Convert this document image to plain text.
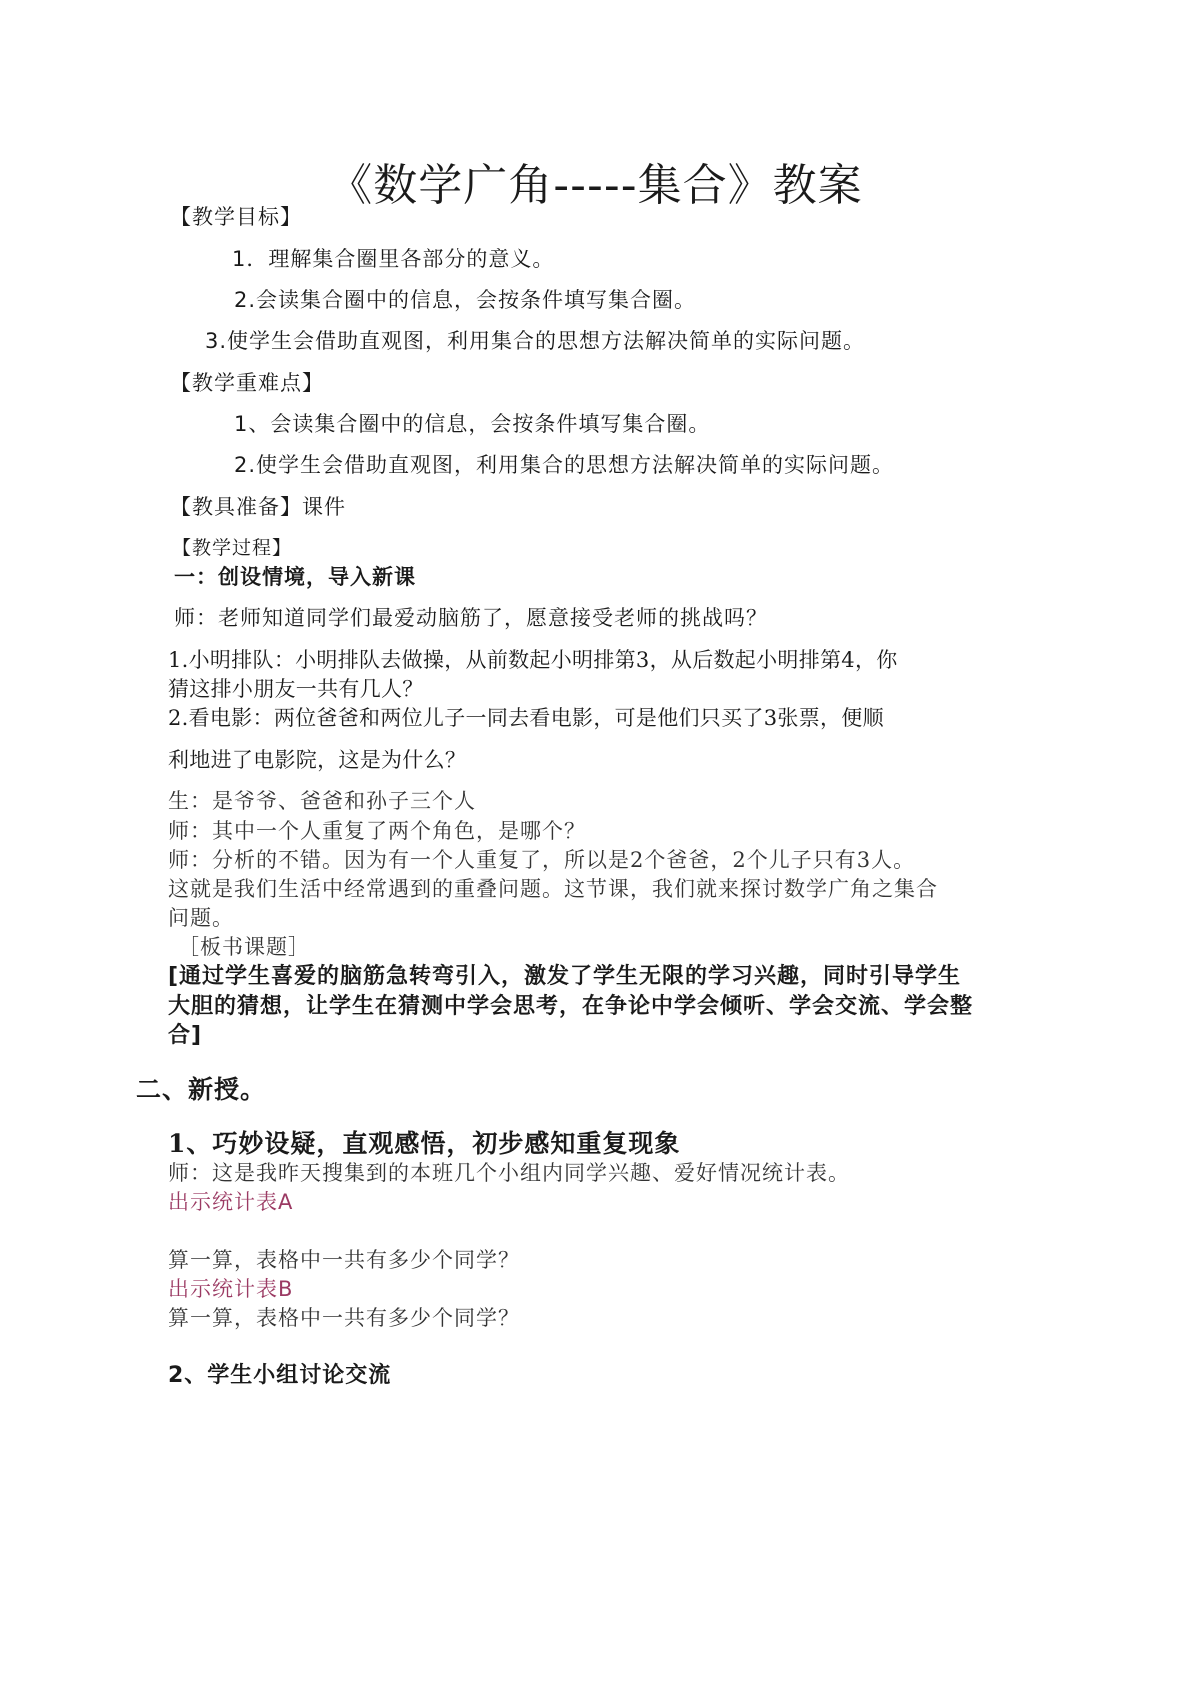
《数学广角-----集合》教案
【教学目标】
1．理解集合圈里各部分的意义。
2.会读集合圈中的信息，会按条件填写集合圈。
3.使学生会借助直观图，利用集合的思想方法解决简单的实际问题。
【教学重难点】
1、会读集合圈中的信息，会按条件填写集合圈。
2.使学生会借助直观图，利用集合的思想方法解决简单的实际问题。
【教具准备】课件
【教学过程】
一：创设情境，导入新课
师：老师知道同学们最爱动脑筋了，愿意接受老师的挑战吗？
1.小明排队：小明排队去做操，从前数起小明排第3，从后数起小明排第4，你
猜这排小朋友一共有几人？
2.看电影：两位爸爸和两位儿子一同去看电影，可是他们只买了3张票，便顺
利地进了电影院，这是为什么？
生：是爷爷、爸爸和孙子三个人
师：其中一个人重复了两个角色，是哪个？
师：分析的不错。因为有一个人重复了，所以是2个爸爸，2个儿子只有3人。
这就是我们生活中经常遇到的重叠问题。这节课，我们就来探讨数学广角之集合
问题。
［板书课题］
[通过学生喜爱的脑筋急转弯引入，激发了学生无限的学习兴趣，同时引导学生
大胆的猜想，让学生在猜测中学会思考，在争论中学会倾听、学会交流、学会整
合]
二、新授。
1、巧妙设疑，直观感悟，初步感知重复现象
师：这是我昨天搜集到的本班几个小组内同学兴趣、爱好情况统计表。
出示统计表A
算一算，表格中一共有多少个同学？
出示统计表B
算一算，表格中一共有多少个同学？
2、学生小组讨论交流
